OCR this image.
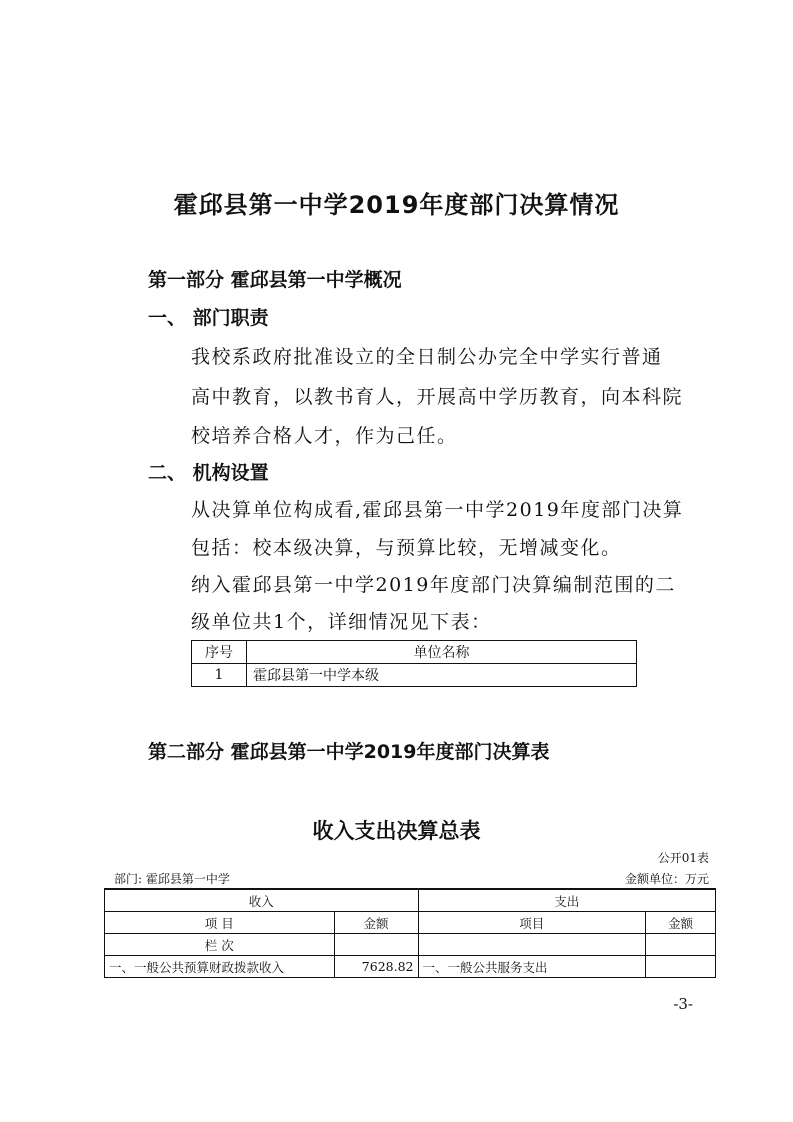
霍邱县第一中学2019年度部门决算情况
第一部分 霍邱县第一中学概况
一、 部门职责
我校系政府批准设立的全日制公办完全中学实行普通
高中教育，以教书育人，开展高中学历教育，向本科院
校培养合格人才，作为己任。
二、 机构设置
从决算单位构成看,霍邱县第一中学2019年度部门决算
包括：校本级决算，与预算比较，无增减变化。
纳入霍邱县第一中学2019年度部门决算编制范围的二
级单位共1个，详细情况见下表：
序号	单位名称
1	霍邱县第一中学本级
第二部分 霍邱县第一中学2019年度部门决算表
收入支出决算总表
公开01表
部门: 霍邱县第一中学	金额单位：万元
收入		支出	
项 目	金额	项目	金额
栏 次			
一、一般公共预算财政拨款收入	7628.82	一、一般公共服务支出	
-3-
